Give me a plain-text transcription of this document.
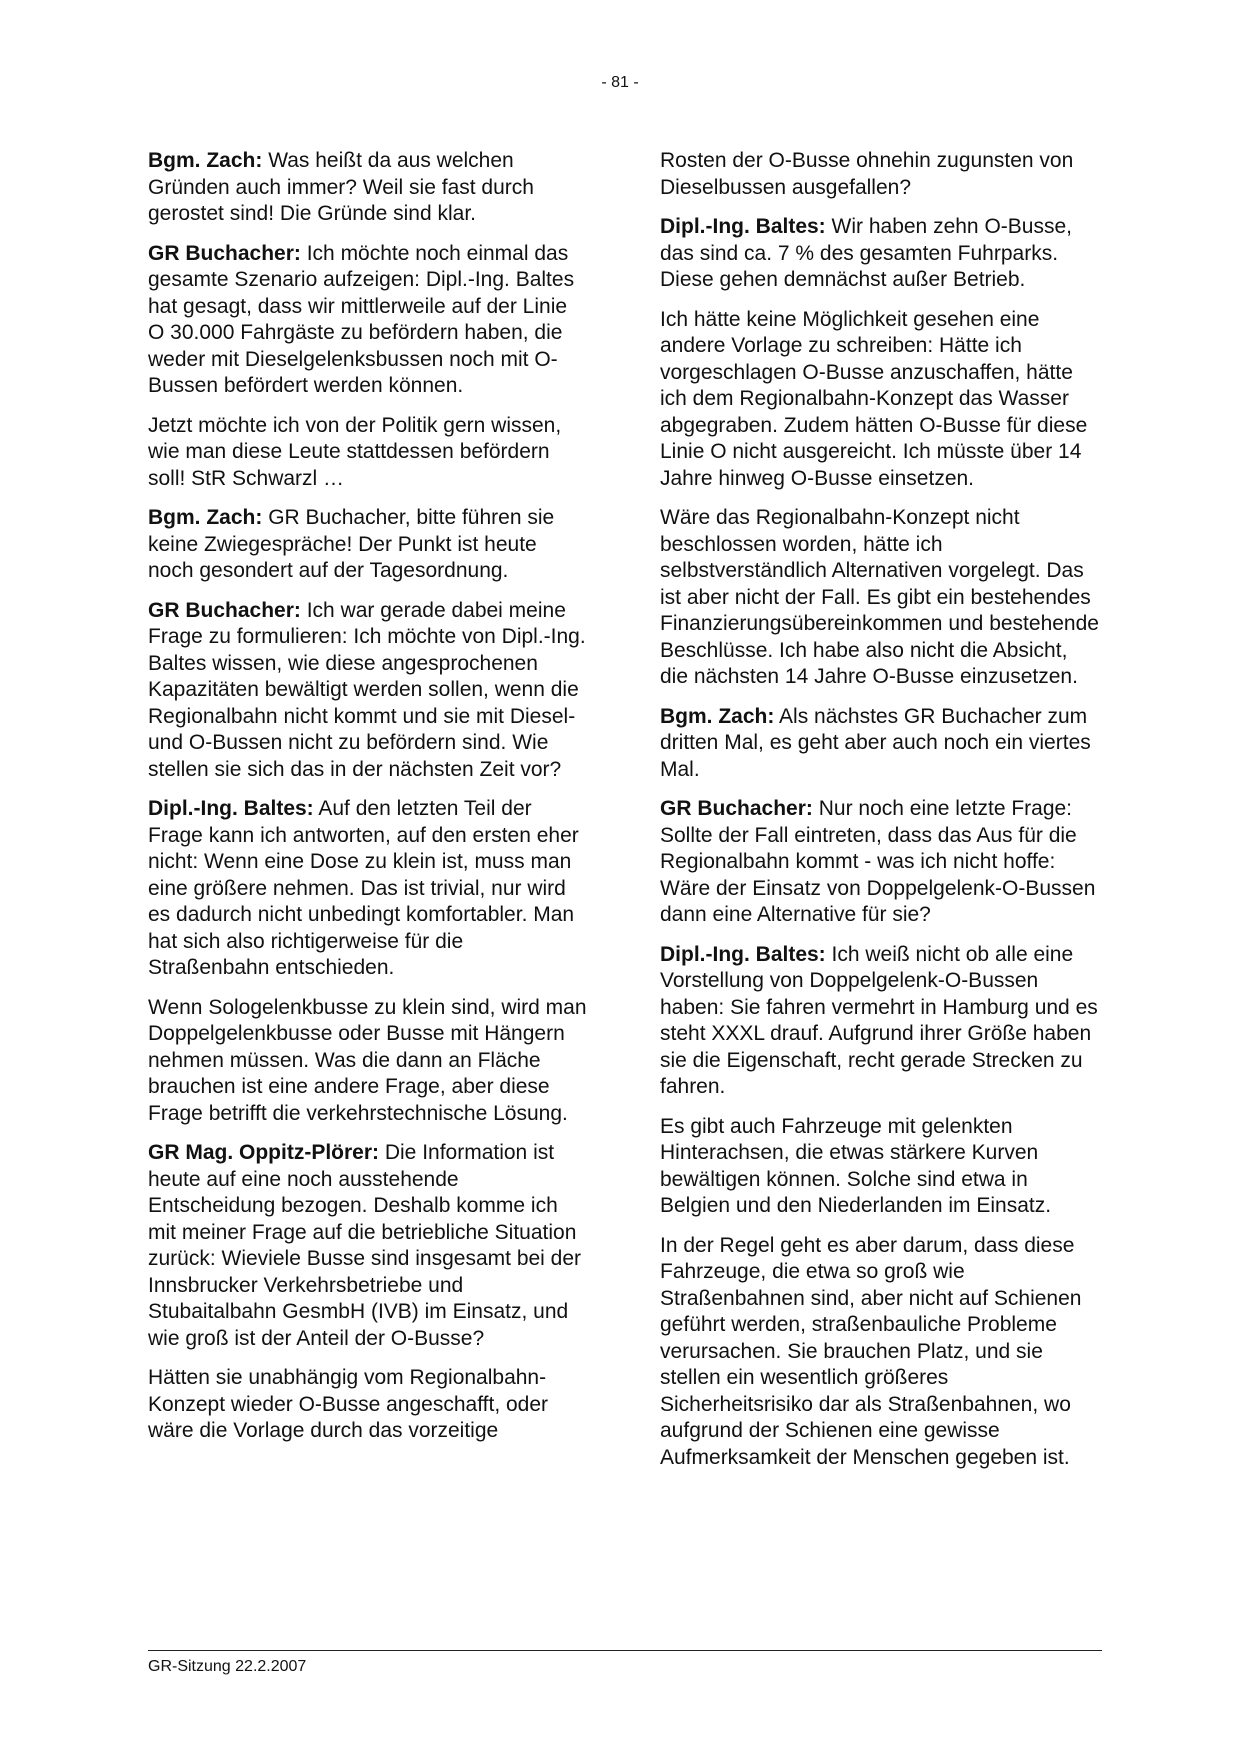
- 81 -

Bgm. Zach: Was heißt da aus welchen Gründen auch immer? Weil sie fast durch gerostet sind! Die Gründe sind klar.

GR Buchacher: Ich möchte noch einmal das gesamte Szenario aufzeigen: Dipl.-Ing. Baltes hat gesagt, dass wir mittlerweile auf der Linie O 30.000 Fahrgäste zu befördern haben, die weder mit Dieselgelenksbussen noch mit O-Bussen befördert werden können.

Jetzt möchte ich von der Politik gern wissen, wie man diese Leute stattdessen befördern soll! StR Schwarzl …

Bgm. Zach: GR Buchacher, bitte führen sie keine Zwiegespräche! Der Punkt ist heute noch gesondert auf der Tagesordnung.

GR Buchacher: Ich war gerade dabei meine Frage zu formulieren: Ich möchte von Dipl.-Ing. Baltes wissen, wie diese angesprochenen Kapazitäten bewältigt werden sollen, wenn die Regionalbahn nicht kommt und sie mit Diesel- und O-Bussen nicht zu befördern sind. Wie stellen sie sich das in der nächsten Zeit vor?

Dipl.-Ing. Baltes: Auf den letzten Teil der Frage kann ich antworten, auf den ersten eher nicht: Wenn eine Dose zu klein ist, muss man eine größere nehmen. Das ist trivial, nur wird es dadurch nicht unbedingt komfortabler. Man hat sich also richtigerweise für die Straßenbahn entschieden.

Wenn Sologelenkbusse zu klein sind, wird man Doppelgelenkbusse oder Busse mit Hängern nehmen müssen. Was die dann an Fläche brauchen ist eine andere Frage, aber diese Frage betrifft die verkehrstechnische Lösung.

GR Mag. Oppitz-Plörer: Die Information ist heute auf eine noch ausstehende Entscheidung bezogen. Deshalb komme ich mit meiner Frage auf die betriebliche Situation zurück: Wieviele Busse sind insgesamt bei der Innsbrucker Verkehrsbetriebe und Stubaitalbahn GesmbH (IVB) im Einsatz, und wie groß ist der Anteil der O-Busse?

Hätten sie unabhängig vom Regionalbahn-Konzept wieder O-Busse angeschafft, oder wäre die Vorlage durch das vorzeitige

Rosten der O-Busse ohnehin zugunsten von Dieselbussen ausgefallen?

Dipl.-Ing. Baltes: Wir haben zehn O-Busse, das sind ca. 7 % des gesamten Fuhrparks. Diese gehen demnächst außer Betrieb.

Ich hätte keine Möglichkeit gesehen eine andere Vorlage zu schreiben: Hätte ich vorgeschlagen O-Busse anzuschaffen, hätte ich dem Regionalbahn-Konzept das Wasser abgegraben. Zudem hätten O-Busse für diese Linie O nicht ausgereicht. Ich müsste über 14 Jahre hinweg O-Busse einsetzen.

Wäre das Regionalbahn-Konzept nicht beschlossen worden, hätte ich selbstverständlich Alternativen vorgelegt. Das ist aber nicht der Fall. Es gibt ein bestehendes Finanzierungsübereinkommen und bestehende Beschlüsse. Ich habe also nicht die Absicht, die nächsten 14 Jahre O-Busse einzusetzen.

Bgm. Zach: Als nächstes GR Buchacher zum dritten Mal, es geht aber auch noch ein viertes Mal.

GR Buchacher: Nur noch eine letzte Frage: Sollte der Fall eintreten, dass das Aus für die Regionalbahn kommt - was ich nicht hoffe: Wäre der Einsatz von Doppelgelenk-O-Bussen dann eine Alternative für sie?

Dipl.-Ing. Baltes: Ich weiß nicht ob alle eine Vorstellung von Doppelgelenk-O-Bussen haben: Sie fahren vermehrt in Hamburg und es steht XXXL drauf. Aufgrund ihrer Größe haben sie die Eigenschaft, recht gerade Strecken zu fahren.

Es gibt auch Fahrzeuge mit gelenkten Hinterachsen, die etwas stärkere Kurven bewältigen können. Solche sind etwa in Belgien und den Niederlanden im Einsatz.

In der Regel geht es aber darum, dass diese Fahrzeuge, die etwa so groß wie Straßenbahnen sind, aber nicht auf Schienen geführt werden, straßenbauliche Probleme verursachen. Sie brauchen Platz, und sie stellen ein wesentlich größeres Sicherheitsrisiko dar als Straßenbahnen, wo aufgrund der Schienen eine gewisse Aufmerksamkeit der Menschen gegeben ist.

GR-Sitzung 22.2.2007
